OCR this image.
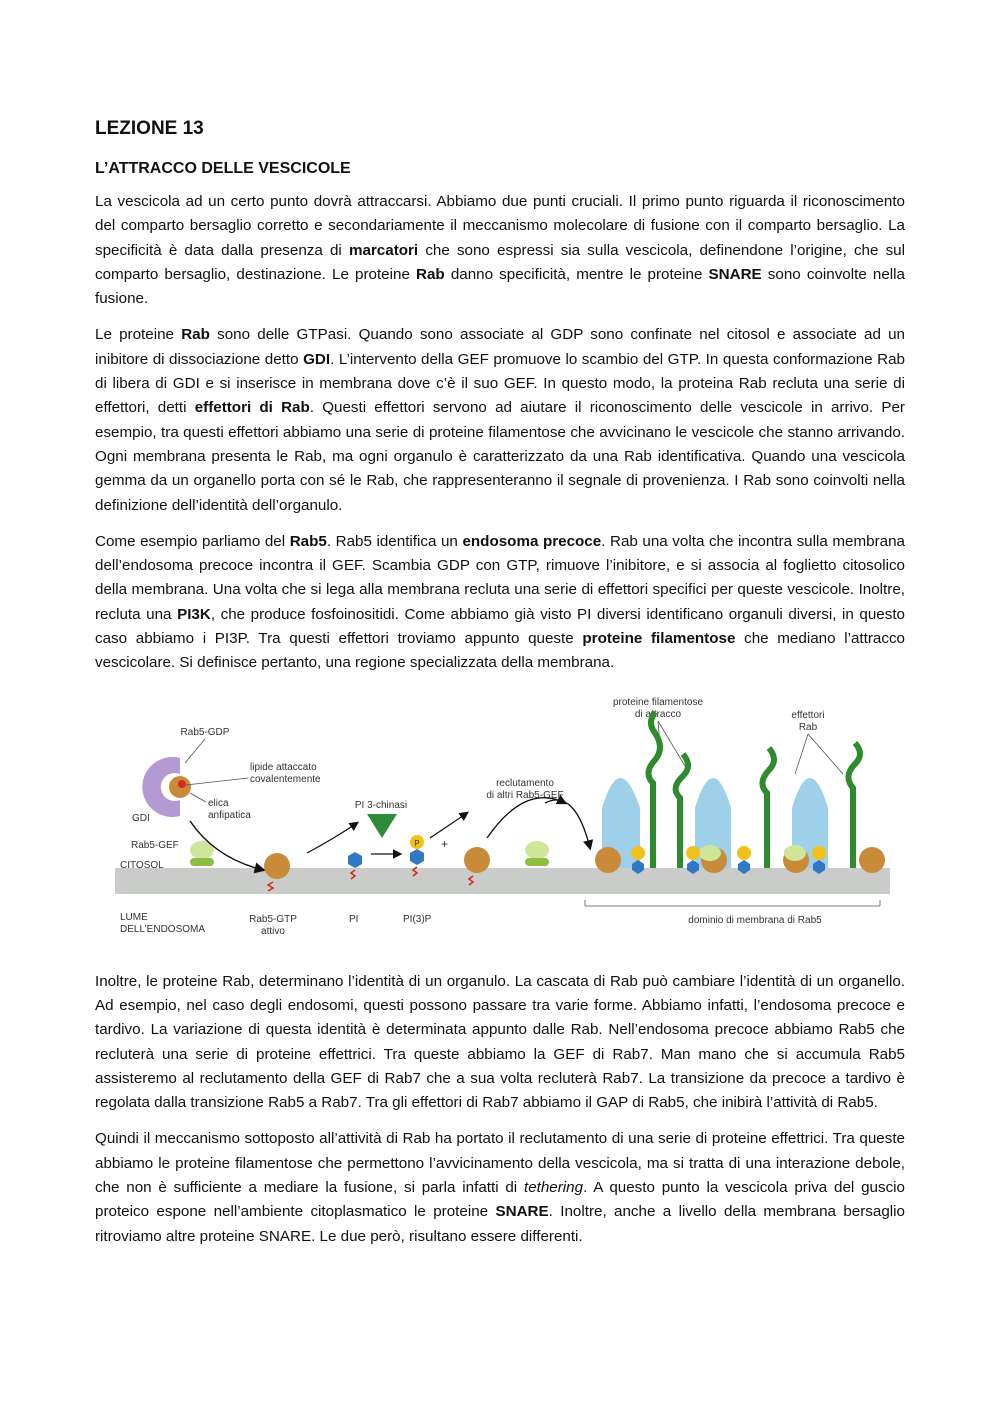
LEZIONE 13
L’ATTRACCO DELLE VESCICOLE

La vescicola ad un certo punto dovrà attraccarsi. Abbiamo due punti cruciali. Il primo punto riguarda il riconoscimento del comparto bersaglio corretto e secondariamente il meccanismo molecolare di fusione con il comparto bersaglio. La specificità è data dalla presenza di marcatori che sono espressi sia sulla vescicola, definendone l’origine, che sul comparto bersaglio, destinazione. Le proteine Rab danno specificità, mentre le proteine SNARE sono coinvolte nella fusione.

Le proteine Rab sono delle GTPasi. Quando sono associate al GDP sono confinate nel citosol e associate ad un inibitore di dissociazione detto GDI. L’intervento della GEF promuove lo scambio del GTP. In questa conformazione Rab di libera di GDI e si inserisce in membrana dove c’è il suo GEF. In questo modo, la proteina Rab recluta una serie di effettori, detti effettori di Rab. Questi effettori servono ad aiutare il riconoscimento delle vescicole in arrivo. Per esempio, tra questi effettori abbiamo una serie di proteine filamentose che avvicinano le vescicole che stanno arrivando. Ogni membrana presenta le Rab, ma ogni organulo è caratterizzato da una Rab identificativa. Quando una vescicola gemma da un organello porta con sé le Rab, che rappresenteranno il segnale di provenienza. I Rab sono coinvolti nella definizione dell’identità dell’organulo.

Come esempio parliamo del Rab5. Rab5 identifica un endosoma precoce. Rab una volta che incontra sulla membrana dell’endosoma precoce incontra il GEF. Scambia GDP con GTP, rimuove l’inibitore, e si associa al foglietto citosolico della membrana. Una volta che si lega alla membrana recluta una serie di effettori specifici per queste vescicole. Inoltre, recluta una PI3K, che produce fosfoinositidi. Come abbiamo già visto PI diversi identificano organuli diversi, in questo caso abbiamo i PI3P. Tra questi effettori troviamo appunto queste proteine filamentose che mediano l’attracco vescicolare. Si definisce pertanto, una regione specializzata della membrana.

proteine filamentose
di attracco	effettori
Rab
Rab5-GDP
lipide attaccato
covalentemente
elica
anfipatica
GDI
Rab5-GEF
CITOSOL
Rab5-GTP
attivo
LUME
DELL’ENDOSOMA
PI
PI 3-chinasi
P
PI(3)P
+
reclutamento
di altri Rab5-GEF
dominio di membrana di Rab5

Inoltre, le proteine Rab, determinano l’identità di un organulo. La cascata di Rab può cambiare l’identità di un organello. Ad esempio, nel caso degli endosomi, questi possono passare tra varie forme. Abbiamo infatti, l’endosoma precoce e tardivo. La variazione di questa identità è determinata appunto dalle Rab. Nell’endosoma precoce abbiamo Rab5 che recluterà una serie di proteine effettrici. Tra queste abbiamo la GEF di Rab7. Man mano che si accumula Rab5 assisteremo al reclutamento della GEF di Rab7 che a sua volta recluterà Rab7. La transizione da precoce a tardivo è regolata dalla transizione Rab5 a Rab7. Tra gli effettori di Rab7 abbiamo il GAP di Rab5, che inibirà l’attività di Rab5.

Quindi il meccanismo sottoposto all’attività di Rab ha portato il reclutamento di una serie di proteine effettrici. Tra queste abbiamo le proteine filamentose che permettono l’avvicinamento della vescicola, ma si tratta di una interazione debole, che non è sufficiente a mediare la fusione, si parla infatti di tethering. A questo punto la vescicola priva del guscio proteico espone nell’ambiente citoplasmatico le proteine SNARE. Inoltre, anche a livello della membrana bersaglio ritroviamo altre proteine SNARE. Le due però, risultano essere differenti.
